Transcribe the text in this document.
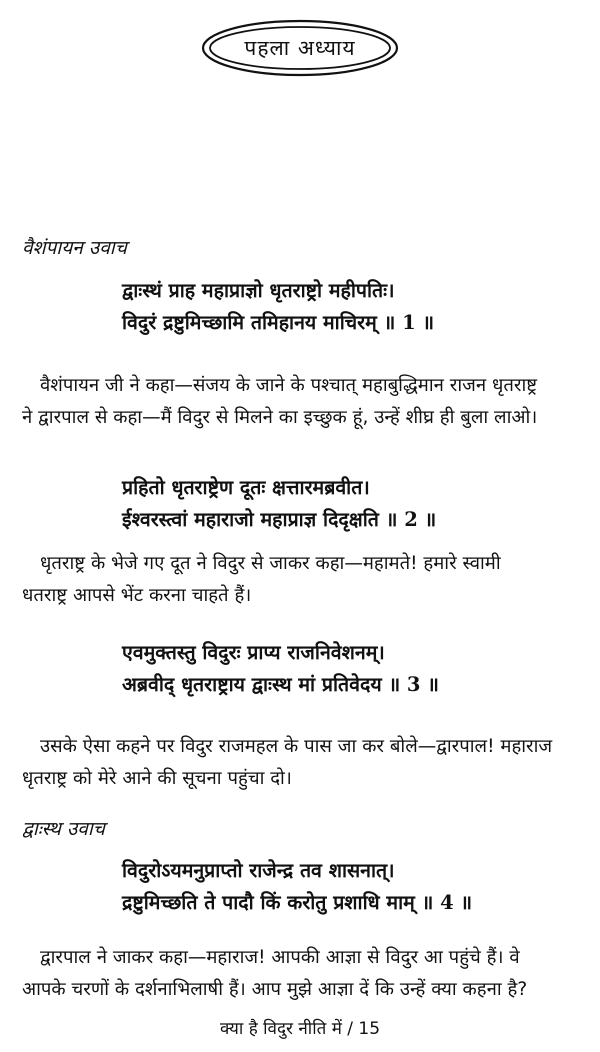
पहला अध्याय
वैशंपायन उवाच
द्वाःस्थं प्राह महाप्राज्ञो धृतराष्ट्रो महीपतिः।
विदुरं द्रष्टुमिच्छामि तमिहानय माचिरम् ॥ 1 ॥
वैशंपायन जी ने कहा—संजय के जाने के पश्चात् महाबुद्धिमान राजन धृतराष्ट्र
ने द्वारपाल से कहा—मैं विदुर से मिलने का इच्छुक हूं, उन्हें शीघ्र ही बुला लाओ।
प्रहितो धृतराष्ट्रेण दूतः क्षत्तारमब्रवीत।
ईश्वरस्त्वां महाराजो महाप्राज्ञ दिदृक्षति ॥ 2 ॥
धृतराष्ट्र के भेजे गए दूत ने विदुर से जाकर कहा—महामते! हमारे स्वामी
धतराष्ट्र आपसे भेंट करना चाहते हैं।
एवमुक्तस्तु विदुरः प्राप्य राजनिवेशनम्।
अब्रवीद् धृतराष्ट्राय द्वाःस्थ मां प्रतिवेदय ॥ 3 ॥
उसके ऐसा कहने पर विदुर राजमहल के पास जा कर बोले—द्वारपाल! महाराज
धृतराष्ट्र को मेरे आने की सूचना पहुंचा दो।
द्वाःस्थ उवाच
विदुरोऽयमनुप्राप्तो राजेन्द्र तव शासनात्।
द्रष्टुमिच्छति ते पादौ किं करोतु प्रशाधि माम् ॥ 4 ॥
द्वारपाल ने जाकर कहा—महाराज! आपकी आज्ञा से विदुर आ पहुंचे हैं। वे
आपके चरणों के दर्शनाभिलाषी हैं। आप मुझे आज्ञा दें कि उन्हें क्या कहना है?
क्या है विदुर नीति में / 15
